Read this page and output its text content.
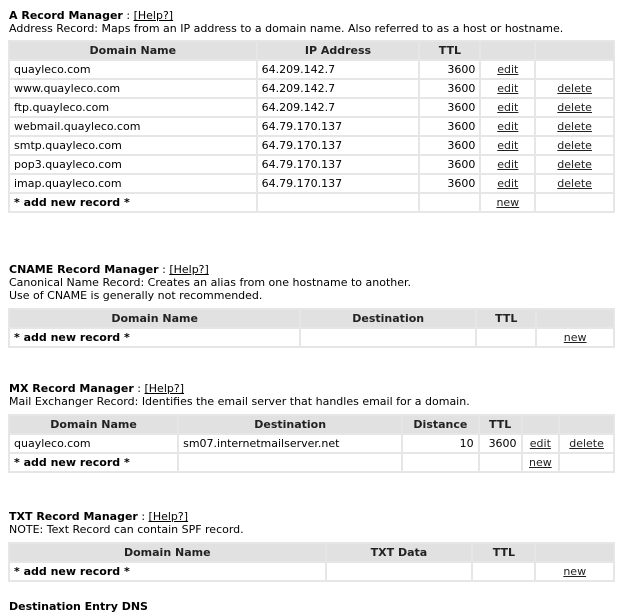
A Record Manager : [Help?]
Address Record: Maps from an IP address to a domain name. Also referred to as a host or hostname.
Domain Name	IP Address	TTL		
quayleco.com	64.209.142.7	3600	edit	
www.quayleco.com	64.209.142.7	3600	edit	delete
ftp.quayleco.com	64.209.142.7	3600	edit	delete
webmail.quayleco.com	64.79.170.137	3600	edit	delete
smtp.quayleco.com	64.79.170.137	3600	edit	delete
pop3.quayleco.com	64.79.170.137	3600	edit	delete
imap.quayleco.com	64.79.170.137	3600	edit	delete
* add new record *			new	
CNAME Record Manager : [Help?]
Canonical Name Record: Creates an alias from one hostname to another.
Use of CNAME is generally not recommended.
Domain Name	Destination	TTL	
* add new record *			new
MX Record Manager : [Help?]
Mail Exchanger Record: Identifies the email server that handles email for a domain.
Domain Name	Destination	Distance	TTL		
quayleco.com	sm07.internetmailserver.net	10	3600	edit	delete
* add new record *				new	
TXT Record Manager : [Help?]
NOTE: Text Record can contain SPF record.
Domain Name	TXT Data	TTL	
* add new record *			new
Destination Entry DNS
